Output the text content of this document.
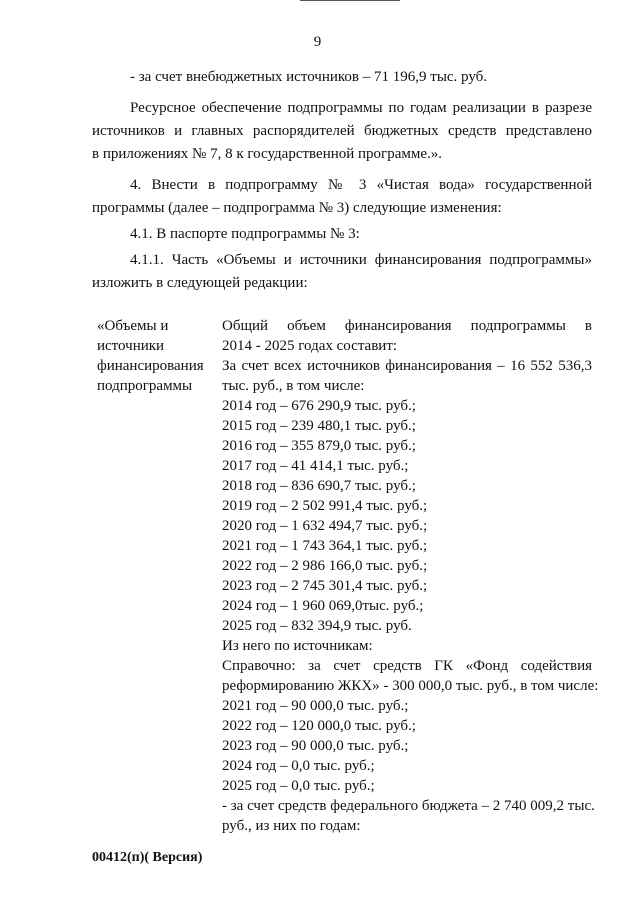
9
- за счет внебюджетных источников – 71 196,9 тыс. руб.
Ресурсное обеспечение подпрограммы по годам реализации в разрезе
источников и главных распорядителей бюджетных средств представлено
в приложениях № 7, 8 к государственной программе.».
4. Внести в подпрограмму № 3 «Чистая вода» государственной
программы (далее – подпрограмма № 3) следующие изменения:
4.1. В паспорте подпрограммы № 3:
4.1.1. Часть «Объемы и источники финансирования подпрограммы»
изложить в следующей редакции:
«Объемы и
источники
финансирования
подпрограммы
Общий объем финансирования подпрограммы в
2014 - 2025 годах составит:
За счет всех источников финансирования – 16 552 536,3
тыс. руб., в том числе:
2014 год – 676 290,9 тыс. руб.;
2015 год – 239 480,1 тыс. руб.;
2016 год – 355 879,0 тыс. руб.;
2017 год – 41 414,1 тыс. руб.;
2018 год – 836 690,7 тыс. руб.;
2019 год – 2 502 991,4 тыс. руб.;
2020 год – 1 632 494,7 тыс. руб.;
2021 год – 1 743 364,1 тыс. руб.;
2022 год – 2 986 166,0 тыс. руб.;
2023 год – 2 745 301,4 тыс. руб.;
2024 год – 1 960 069,0тыс. руб.;
2025 год – 832 394,9 тыс. руб.
Из него по источникам:
Справочно: за счет средств ГК «Фонд содействия
реформированию ЖКХ» - 300 000,0 тыс. руб., в том числе:
2021 год – 90 000,0 тыс. руб.;
2022 год – 120 000,0 тыс. руб.;
2023 год – 90 000,0 тыс. руб.;
2024 год – 0,0 тыс. руб.;
2025 год – 0,0 тыс. руб.;
- за счет средств федерального бюджета – 2 740 009,2 тыс.
руб., из них по годам:
00412(п)( Версия)
